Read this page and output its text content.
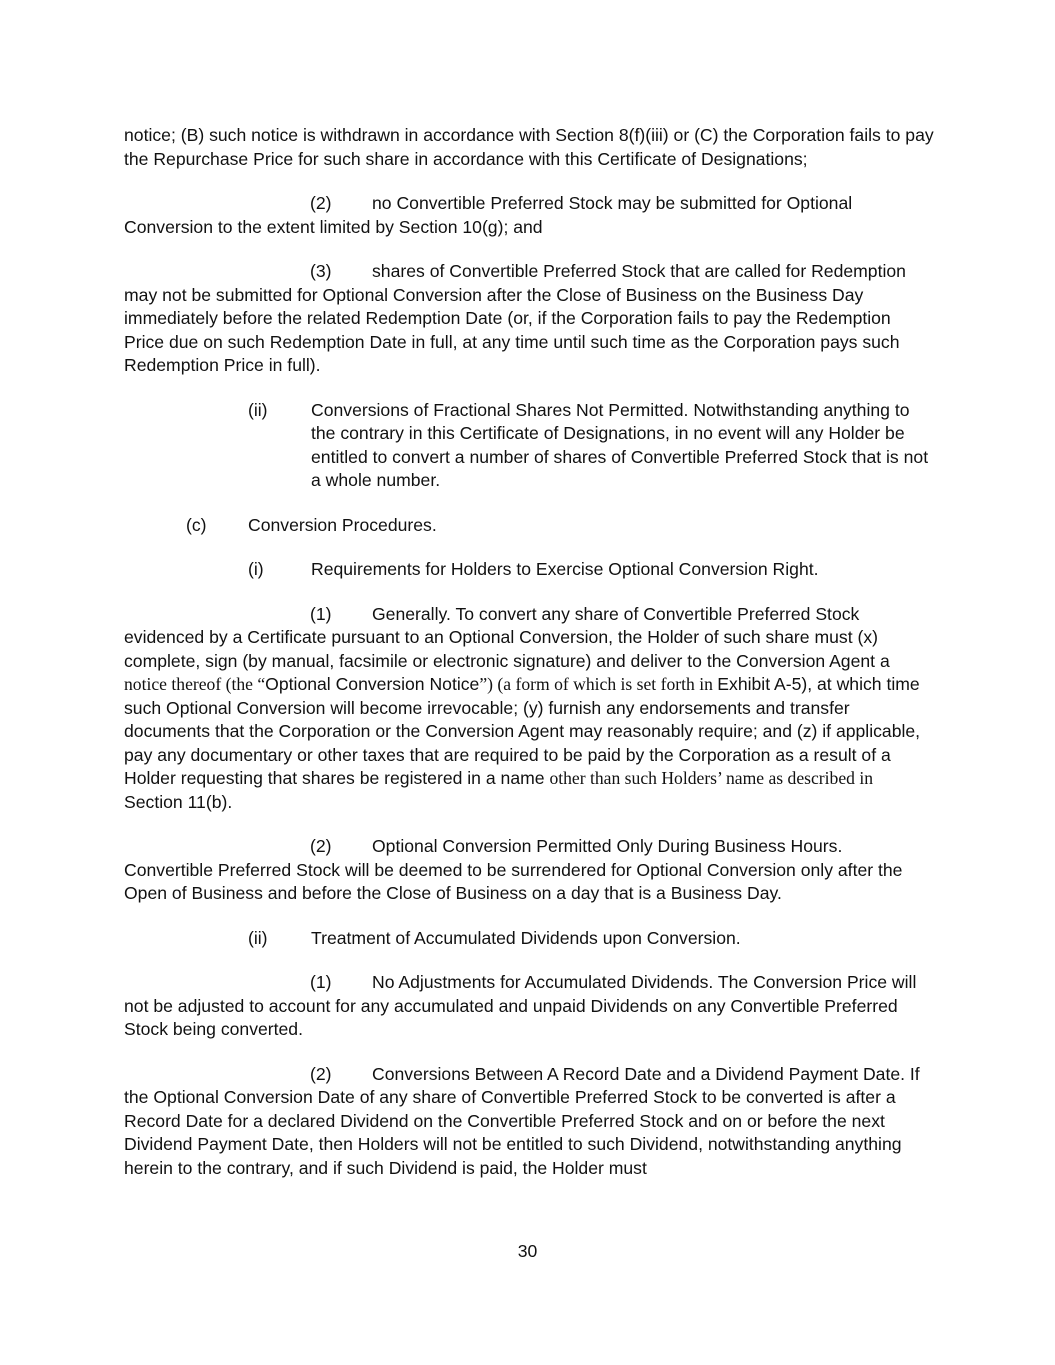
notice; (B) such notice is withdrawn in accordance with Section 8(f)(iii) or (C) the Corporation fails to pay the Repurchase Price for such share in accordance with this Certificate of Designations;

(2) no Convertible Preferred Stock may be submitted for Optional Conversion to the extent limited by Section 10(g); and

(3) shares of Convertible Preferred Stock that are called for Redemption may not be submitted for Optional Conversion after the Close of Business on the Business Day immediately before the related Redemption Date (or, if the Corporation fails to pay the Redemption Price due on such Redemption Date in full, at any time until such time as the Corporation pays such Redemption Price in full).

(ii) Conversions of Fractional Shares Not Permitted. Notwithstanding anything to the contrary in this Certificate of Designations, in no event will any Holder be entitled to convert a number of shares of Convertible Preferred Stock that is not a whole number.
(c) Conversion Procedures.
(i)	Requirements for Holders to Exercise Optional Conversion Right.

(1) Generally. To convert any share of Convertible Preferred Stock evidenced by a Certificate pursuant to an Optional Conversion, the Holder of such share must (x) complete, sign (by manual, facsimile or electronic signature) and deliver to the Conversion Agent a notice thereof (the “Optional Conversion Notice”) (a form of which is set forth in Exhibit A-5), at which time such Optional Conversion will become irrevocable; (y) furnish any endorsements and transfer documents that the Corporation or the Conversion Agent may reasonably require; and (z) if applicable, pay any documentary or other taxes that are required to be paid by the Corporation as a result of a Holder requesting that shares be registered in a name other than such Holders’ name as described in Section 11(b).

(2) Optional Conversion Permitted Only During Business Hours. Convertible Preferred Stock will be deemed to be surrendered for Optional Conversion only after the Open of Business and before the Close of Business on a day that is a Business Day.

(ii) Treatment of Accumulated Dividends upon Conversion.

(1) No Adjustments for Accumulated Dividends. The Conversion Price will not be adjusted to account for any accumulated and unpaid Dividends on any Convertible Preferred Stock being converted.

(2) Conversions Between A Record Date and a Dividend Payment Date. If the Optional Conversion Date of any share of Convertible Preferred Stock to be converted is after a Record Date for a declared Dividend on the Convertible Preferred Stock and on or before the next Dividend Payment Date, then Holders will not be entitled to such Dividend, notwithstanding anything herein to the contrary, and if such Dividend is paid, the Holder must

30
